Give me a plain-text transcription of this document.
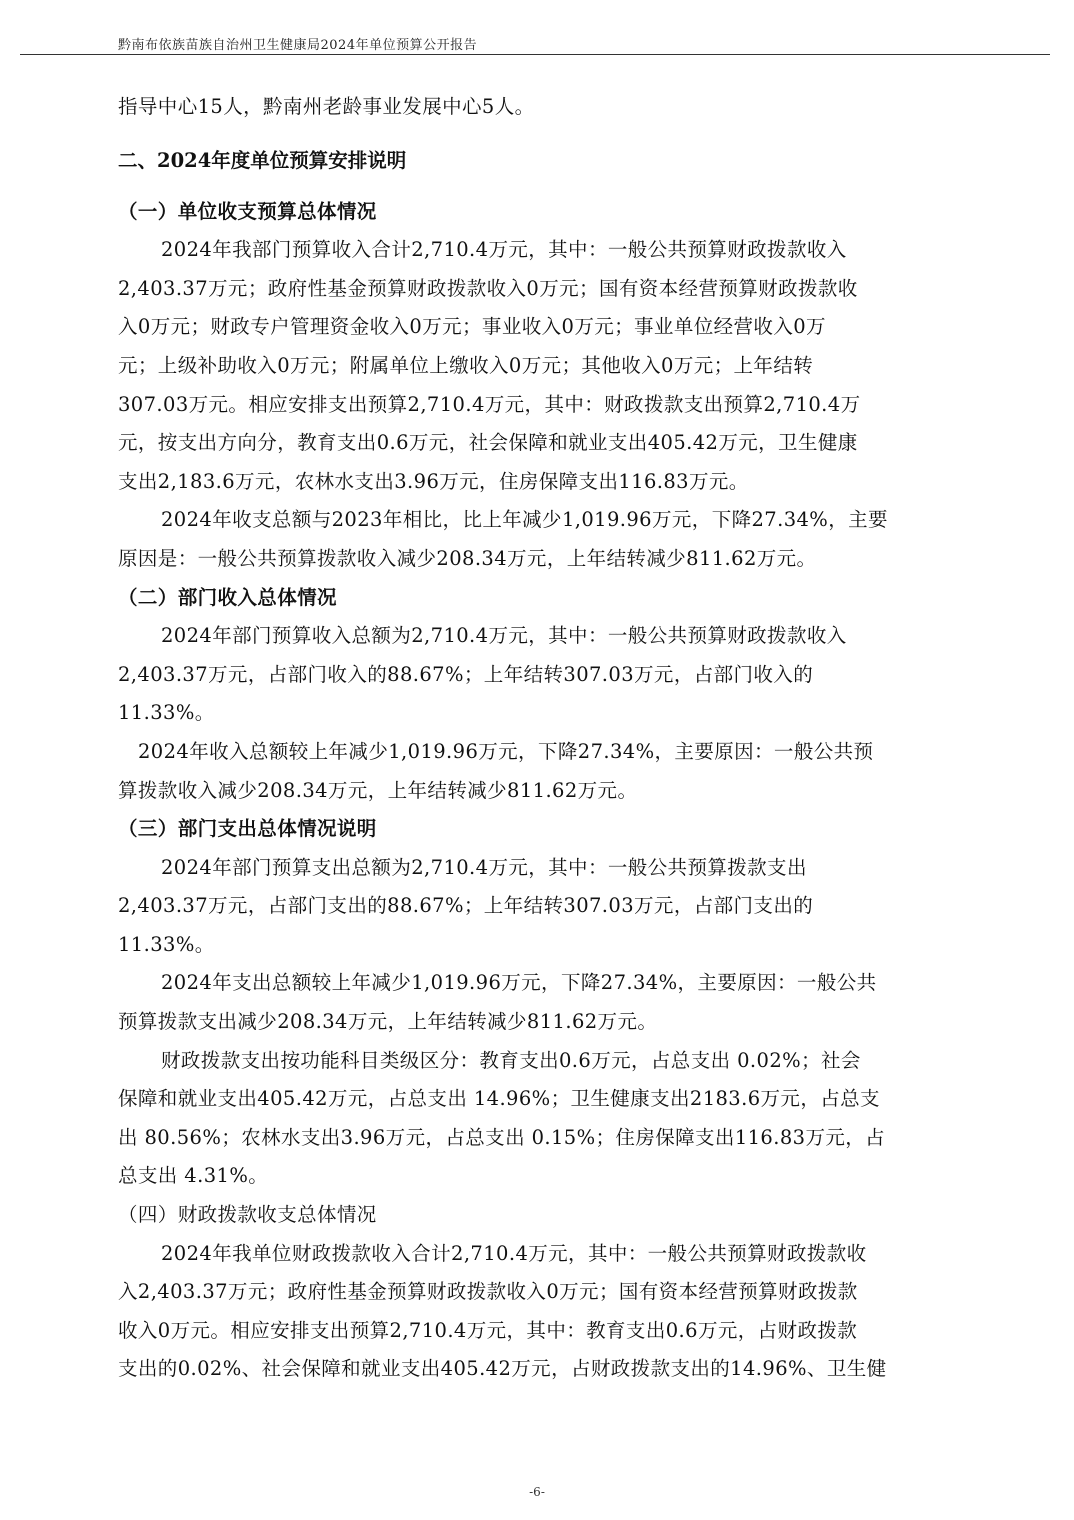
黔南布依族苗族自治州卫生健康局2024年单位预算公开报告
指导中心15人，黔南州老龄事业发展中心5人。
二、2024年度单位预算安排说明
（一）单位收支预算总体情况
2024年我部门预算收入合计2,710.4万元，其中：一般公共预算财政拨款收入
2,403.37万元；政府性基金预算财政拨款收入0万元；国有资本经营预算财政拨款收
入0万元；财政专户管理资金收入0万元；事业收入0万元；事业单位经营收入0万
元；上级补助收入0万元；附属单位上缴收入0万元；其他收入0万元；上年结转
307.03万元。相应安排支出预算2,710.4万元，其中：财政拨款支出预算2,710.4万
元，按支出方向分，教育支出0.6万元，社会保障和就业支出405.42万元，卫生健康
支出2,183.6万元，农林水支出3.96万元，住房保障支出116.83万元。
2024年收支总额与2023年相比，比上年减少1,019.96万元，下降27.34%，主要
原因是：一般公共预算拨款收入减少208.34万元，上年结转减少811.62万元。
（二）部门收入总体情况
2024年部门预算收入总额为2,710.4万元，其中：一般公共预算财政拨款收入
2,403.37万元，占部门收入的88.67%；上年结转307.03万元，占部门收入的
11.33%。
2024年收入总额较上年减少1,019.96万元，下降27.34%，主要原因：一般公共预
算拨款收入减少208.34万元，上年结转减少811.62万元。
（三）部门支出总体情况说明
2024年部门预算支出总额为2,710.4万元，其中：一般公共预算拨款支出
2,403.37万元，占部门支出的88.67%；上年结转307.03万元，占部门支出的
11.33%。
2024年支出总额较上年减少1,019.96万元，下降27.34%，主要原因：一般公共
预算拨款支出减少208.34万元，上年结转减少811.62万元。
财政拨款支出按功能科目类级区分：教育支出0.6万元，占总支出 0.02%；社会
保障和就业支出405.42万元，占总支出 14.96%；卫生健康支出2183.6万元，占总支
出 80.56%；农林水支出3.96万元，占总支出 0.15%；住房保障支出116.83万元，占
总支出 4.31%。
（四）财政拨款收支总体情况
2024年我单位财政拨款收入合计2,710.4万元，其中：一般公共预算财政拨款收
入2,403.37万元；政府性基金预算财政拨款收入0万元；国有资本经营预算财政拨款
收入0万元。相应安排支出预算2,710.4万元，其中：教育支出0.6万元，占财政拨款
支出的0.02%、社会保障和就业支出405.42万元，占财政拨款支出的14.96%、卫生健
-6-
